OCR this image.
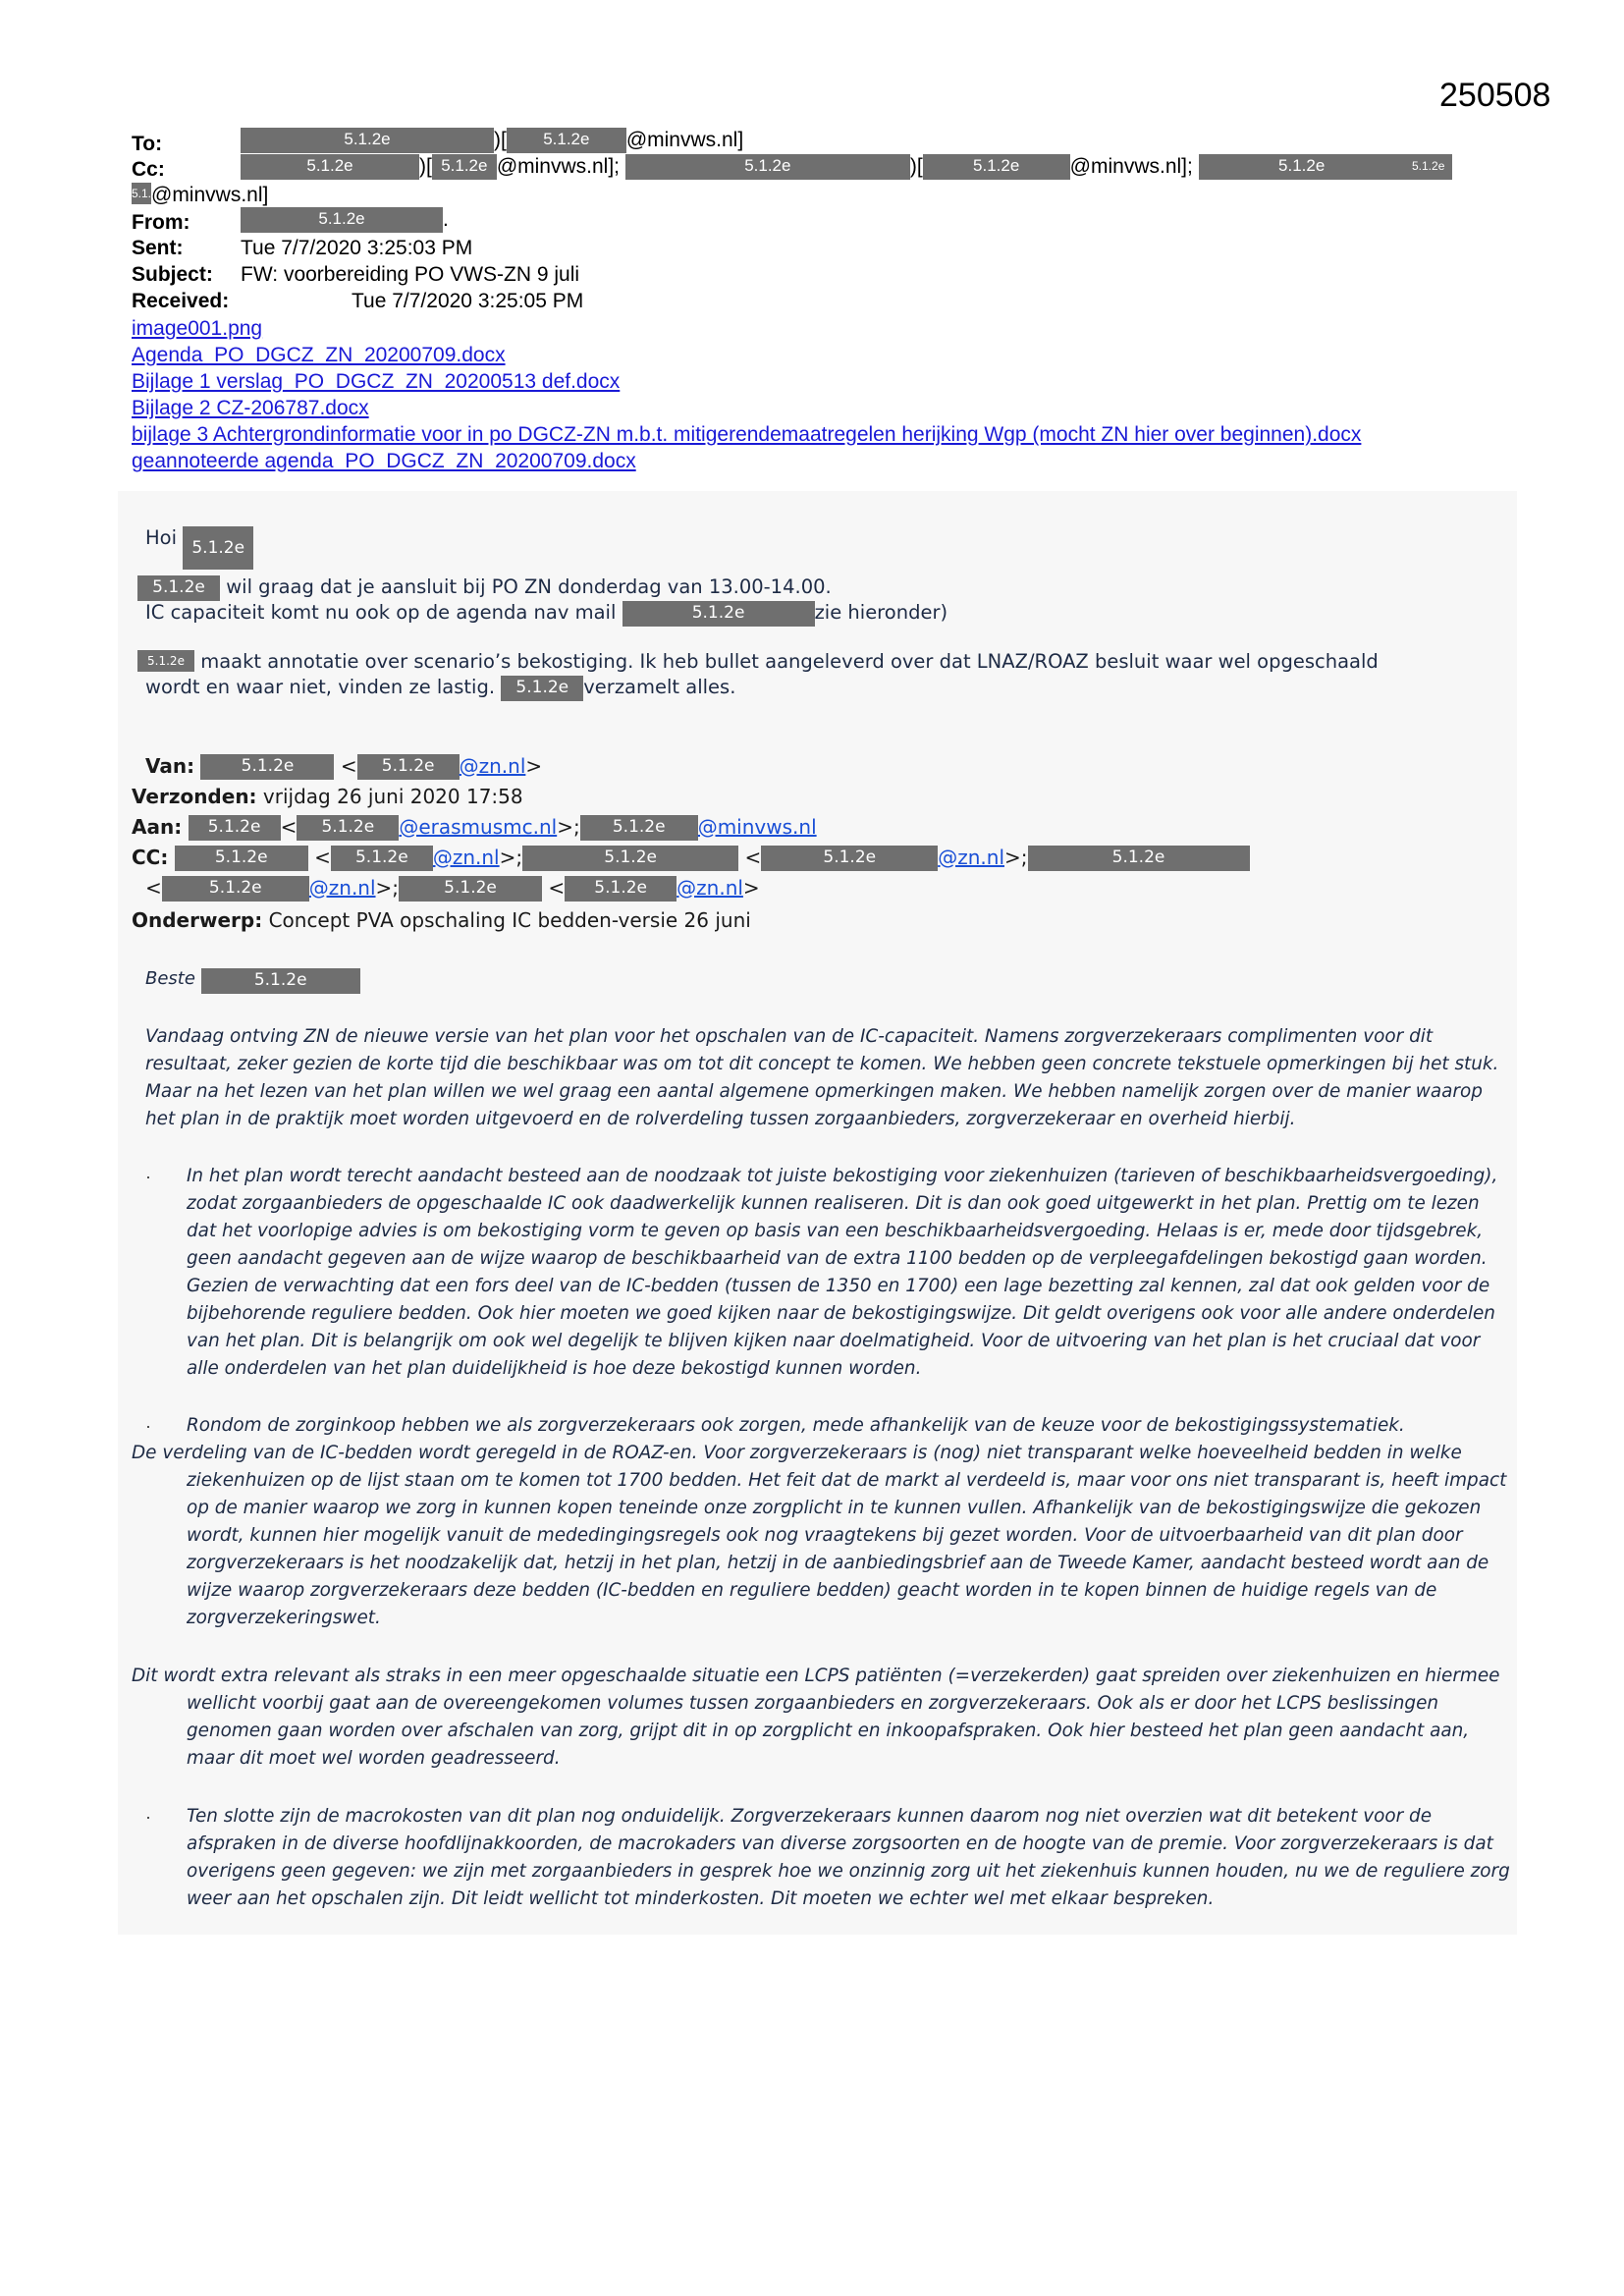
250508
To:	5.1.2e	)[ 5.1.2e @minvws.nl]
Cc:	5.1.2e	)[ 5.1.2e @minvws.nl];	5.1.2e	)[	5.1.2e @minvws.nl];	5.1.2e	5.1.2e
5.1.2@minvws.nl]
From:	5.1.2e	.
Sent:	Tue 7/7/2020 3:25:03 PM
Subject: FW: voorbereiding PO VWS-ZN 9 juli
Received:	Tue 7/7/2020 3:25:05 PM
image001.png
Agenda_PO_DGCZ_ZN_20200709.docx
Bijlage 1 verslag_PO_DGCZ_ZN_20200513 def.docx
Bijlage 2 CZ-206787.docx
bijlage 3 Achtergrondinformatie voor in po DGCZ-ZN m.b.t. mitigerendemaatregelen herijking Wgp (mocht ZN hier over beginnen).docx
geannoteerde agenda_PO_DGCZ_ZN_20200709.docx
Hoi 5.1.2e
5.1.2e wil graag dat je aansluit bij PO ZN donderdag van 13.00-14.00.
IC capaciteit komt nu ook op de agenda nav mail	5.1.2e	zie hieronder)
5.1.2e maakt annotatie over scenario’s bekostiging. Ik heb bullet aangeleverd over dat LNAZ/ROAZ besluit waar wel opgeschaald
wordt en waar niet, vinden ze lastig. 5.1.2e verzamelt alles.
Van:	5.1.2e < 5.1.2e @zn.nl>
Verzonden: vrijdag 26 juni 2020 17:58
Aan: 5.1.2e < 5.1.2e @erasmusmc.nl>; 5.1.2e @minvws.nl
CC:	5.1.2e < 5.1.2e @zn.nl>;	5.1.2e	<	5.1.2e	@zn.nl>;	5.1.2e
<	5.1.2e @zn.nl>;	5.1.2e	< 5.1.2e @zn.nl>
Onderwerp: Concept PVA opschaling IC bedden-versie 26 juni
Beste	5.1.2e
Vandaag ontving ZN de nieuwe versie van het plan voor het opschalen van de IC-capaciteit. Namens zorgverzekeraars complimenten voor dit
resultaat, zeker gezien de korte tijd die beschikbaar was om tot dit concept te komen. We hebben geen concrete tekstuele opmerkingen bij het stuk.
Maar na het lezen van het plan willen we wel graag een aantal algemene opmerkingen maken. We hebben namelijk zorgen over de manier waarop
het plan in de praktijk moet worden uitgevoerd en de rolverdeling tussen zorgaanbieders, zorgverzekeraar en overheid hierbij.
· In het plan wordt terecht aandacht besteed aan de noodzaak tot juiste bekostiging voor ziekenhuizen (tarieven of beschikbaarheidsvergoeding),
zodat zorgaanbieders de opgeschaalde IC ook daadwerkelijk kunnen realiseren. Dit is dan ook goed uitgewerkt in het plan. Prettig om te lezen
dat het voorlopige advies is om bekostiging vorm te geven op basis van een beschikbaarheidsvergoeding. Helaas is er, mede door tijdsgebrek,
geen aandacht gegeven aan de wijze waarop de beschikbaarheid van de extra 1100 bedden op de verpleegafdelingen bekostigd gaan worden.
Gezien de verwachting dat een fors deel van de IC-bedden (tussen de 1350 en 1700) een lage bezetting zal kennen, zal dat ook gelden voor de
bijbehorende reguliere bedden. Ook hier moeten we goed kijken naar de bekostigingswijze. Dit geldt overigens ook voor alle andere onderdelen
van het plan. Dit is belangrijk om ook wel degelijk te blijven kijken naar doelmatigheid. Voor de uitvoering van het plan is het cruciaal dat voor
alle onderdelen van het plan duidelijkheid is hoe deze bekostigd kunnen worden.
· Rondom de zorginkoop hebben we als zorgverzekeraars ook zorgen, mede afhankelijk van de keuze voor de bekostigingssystematiek.
De verdeling van de IC-bedden wordt geregeld in de ROAZ-en. Voor zorgverzekeraars is (nog) niet transparant welke hoeveelheid bedden in welke
ziekenhuizen op de lijst staan om te komen tot 1700 bedden. Het feit dat de markt al verdeeld is, maar voor ons niet transparant is, heeft impact
op de manier waarop we zorg in kunnen kopen teneinde onze zorgplicht in te kunnen vullen. Afhankelijk van de bekostigingswijze die gekozen
wordt, kunnen hier mogelijk vanuit de mededingingsregels ook nog vraagtekens bij gezet worden. Voor de uitvoerbaarheid van dit plan door
zorgverzekeraars is het noodzakelijk dat, hetzij in het plan, hetzij in de aanbiedingsbrief aan de Tweede Kamer, aandacht besteed wordt aan de
wijze waarop zorgverzekeraars deze bedden (IC-bedden en reguliere bedden) geacht worden in te kopen binnen de huidige regels van de
zorgverzekeringswet.
Dit wordt extra relevant als straks in een meer opgeschaalde situatie een LCPS patiënten (=verzekerden) gaat spreiden over ziekenhuizen en hiermee
wellicht voorbij gaat aan de overeengekomen volumes tussen zorgaanbieders en zorgverzekeraars. Ook als er door het LCPS beslissingen
genomen gaan worden over afschalen van zorg, grijpt dit in op zorgplicht en inkoopafspraken. Ook hier besteed het plan geen aandacht aan,
maar dit moet wel worden geadresseerd.
· Ten slotte zijn de macrokosten van dit plan nog onduidelijk. Zorgverzekeraars kunnen daarom nog niet overzien wat dit betekent voor de
afspraken in de diverse hoofdlijnakkoorden, de macrokaders van diverse zorgsoorten en de hoogte van de premie. Voor zorgverzekeraars is dat
overigens geen gegeven: we zijn met zorgaanbieders in gesprek hoe we onzinnig zorg uit het ziekenhuis kunnen houden, nu we de reguliere zorg
weer aan het opschalen zijn. Dit leidt wellicht tot minderkosten. Dit moeten we echter wel met elkaar bespreken.
